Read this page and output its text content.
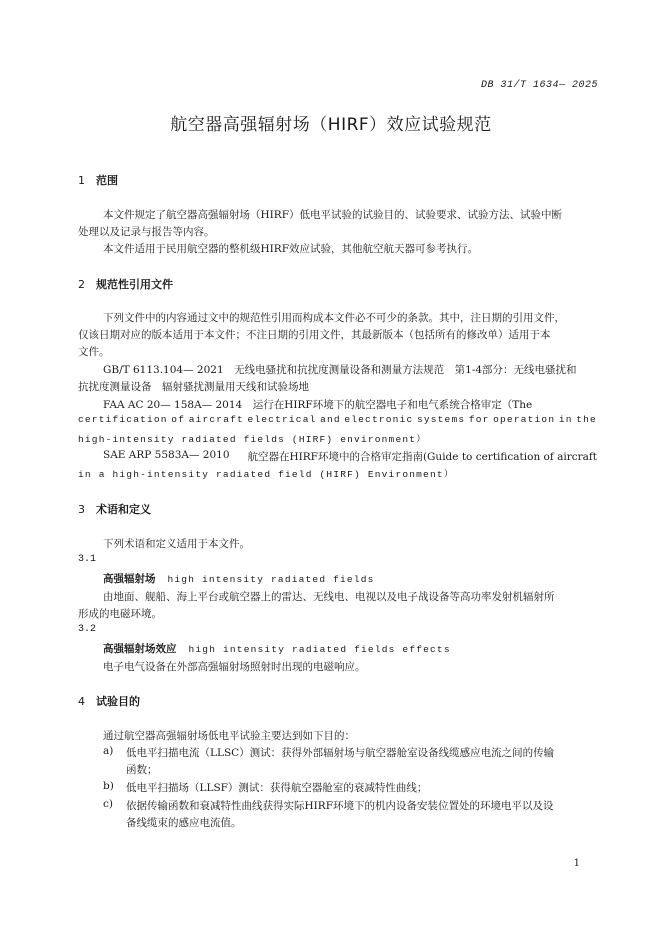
DB 31/T 1634— 2025
航空器高强辐射场（HIRF）效应试验规范
1 范围
本文件规定了航空器高强辐射场（HIRF）低电平试验的试验目的、试验要求、试验方法、试验中断
处理以及记录与报告等内容。
本文件适用于民用航空器的整机级HIRF效应试验，其他航空航天器可参考执行。
2 规范性引用文件
下列文件中的内容通过文中的规范性引用而构成本文件必不可少的条款。其中，注日期的引用文件，
仅该日期对应的版本适用于本文件；不注日期的引用文件，其最新版本（包括所有的修改单）适用于本
文件。
GB/T 6113.104— 2021　无线电骚扰和抗扰度测量设备和测量方法规范　第1-4部分：无线电骚扰和
抗扰度测量设备　辐射骚扰测量用天线和试验场地
FAA AC 20— 158A— 2014　运行在HIRF环境下的航空器电子和电气系统合格审定（The
certification of aircraft electrical and electronic systems for operation in the
high-intensity radiated fields (HIRF) environment）
SAE ARP 5583A— 2010 航空器在HIRF环境中的合格审定指南(Guide to certification of aircraft
in a high-intensity radiated field (HIRF) Environment）
3 术语和定义
下列术语和定义适用于本文件。
3.1
高强辐射场 high intensity radiated fields
由地面、舰船、海上平台或航空器上的雷达、无线电、电视以及电子战设备等高功率发射机辐射所
形成的电磁环境。
3.2
高强辐射场效应 high intensity radiated fields effects
电子电气设备在外部高强辐射场照射时出现的电磁响应。
4 试验目的
通过航空器高强辐射场低电平试验主要达到如下目的：
a) 低电平扫描电流（LLSC）测试：获得外部辐射场与航空器舱室设备线缆感应电流之间的传输
函数；
b) 低电平扫描场（LLSF）测试：获得航空器舱室的衰减特性曲线；
c) 依据传输函数和衰减特性曲线获得实际HIRF环境下的机内设备安装位置处的环境电平以及设
备线缆束的感应电流值。
1
